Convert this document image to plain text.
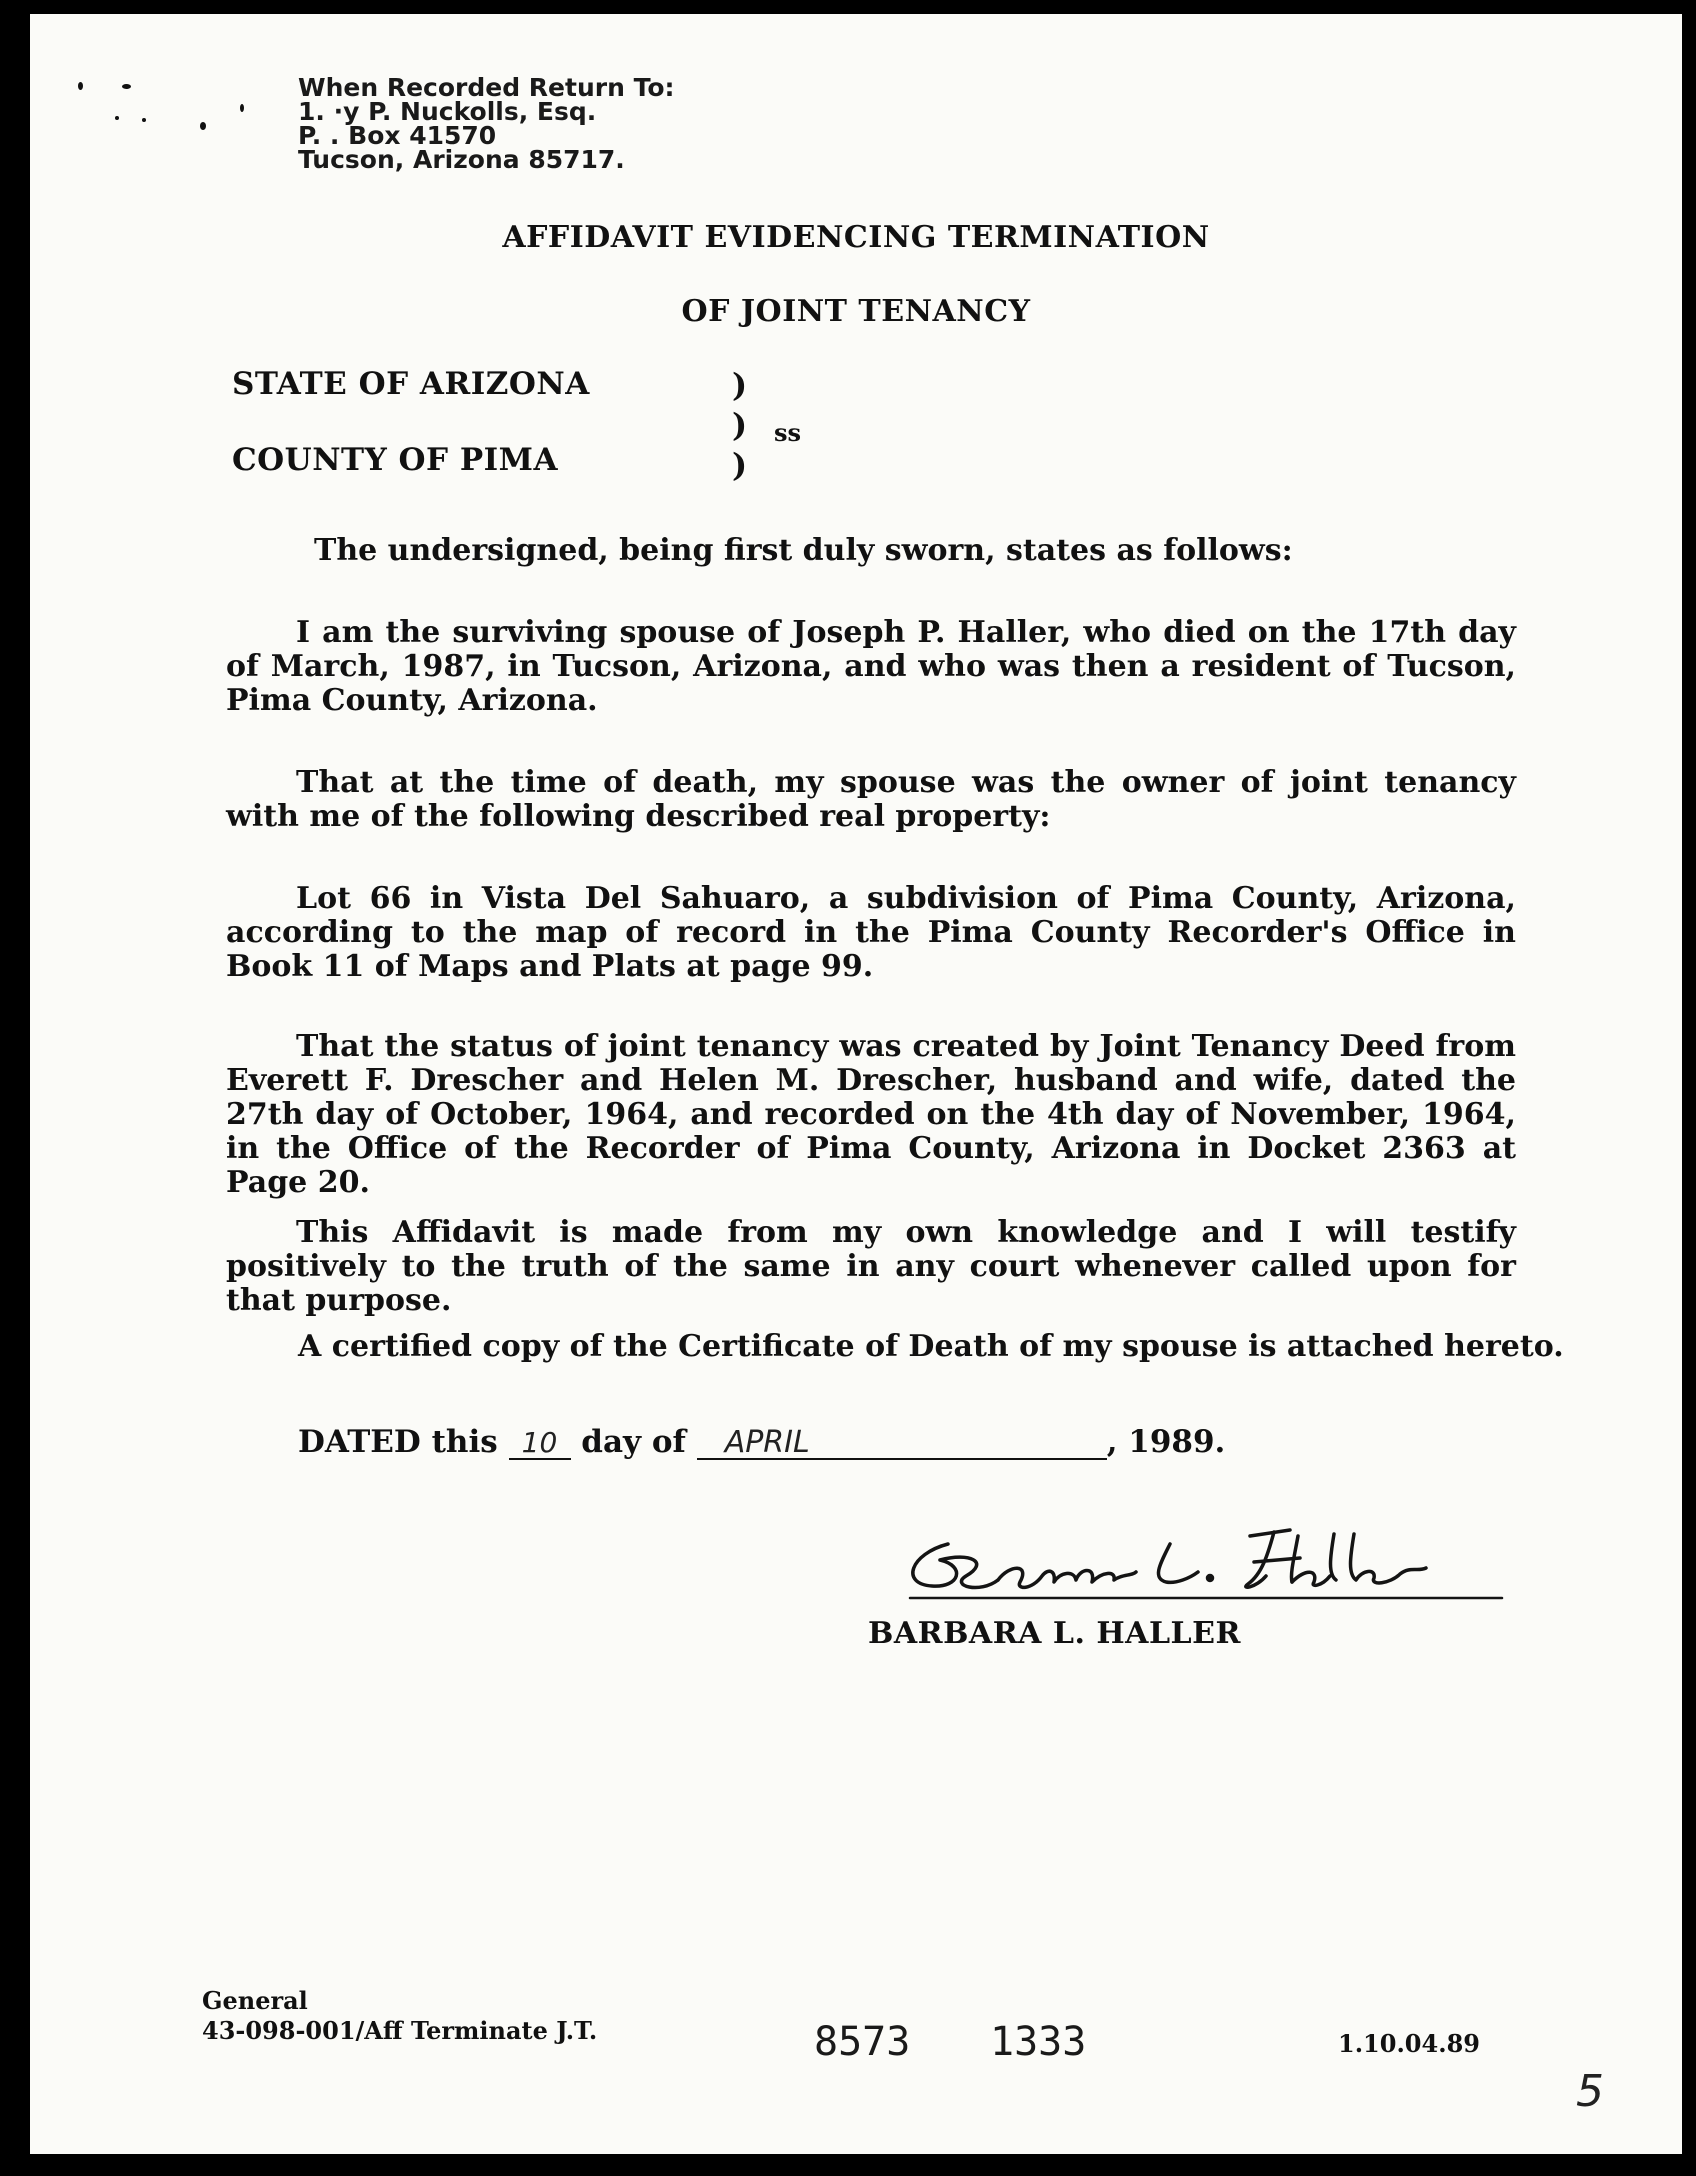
When Recorded Return To:
1. ·y P. Nuckolls, Esq.
P. . Box 41570
Tucson, Arizona 85717.
AFFIDAVIT EVIDENCING TERMINATION
OF JOINT TENANCY
STATE OF ARIZONA
COUNTY OF PIMA
)
)
)
ss
The undersigned, being first duly sworn, states as follows:
I am the surviving spouse of Joseph P. Haller, who died on the 17th day of March, 1987, in Tucson, Arizona, and who was then a resident of Tucson, Pima County, Arizona.
That at the time of death, my spouse was the owner of joint tenancy with me of the following described real property:
Lot 66 in Vista Del Sahuaro, a subdivision of Pima County, Arizona, according to the map of record in the Pima County Recorder's Office in Book 11 of Maps and Plats at page 99.
That the status of joint tenancy was created by Joint Tenancy Deed from Everett F. Drescher and Helen M. Drescher, husband and wife, dated the 27th day of October, 1964, and recorded on the 4th day of November, 1964, in the Office of the Recorder of Pima County, Arizona in Docket 2363 at Page 20.
This Affidavit is made from my own knowledge and I will testify positively to the truth of the same in any court whenever called upon for that purpose.
A certified copy of the Certificate of Death of my spouse is attached hereto.
DATED this 10 day of APRIL	, 1989.
BARBARA L. HALLER
General
43-098-001/Aff Terminate J.T.	8573 1333	1.10.04.89
5
